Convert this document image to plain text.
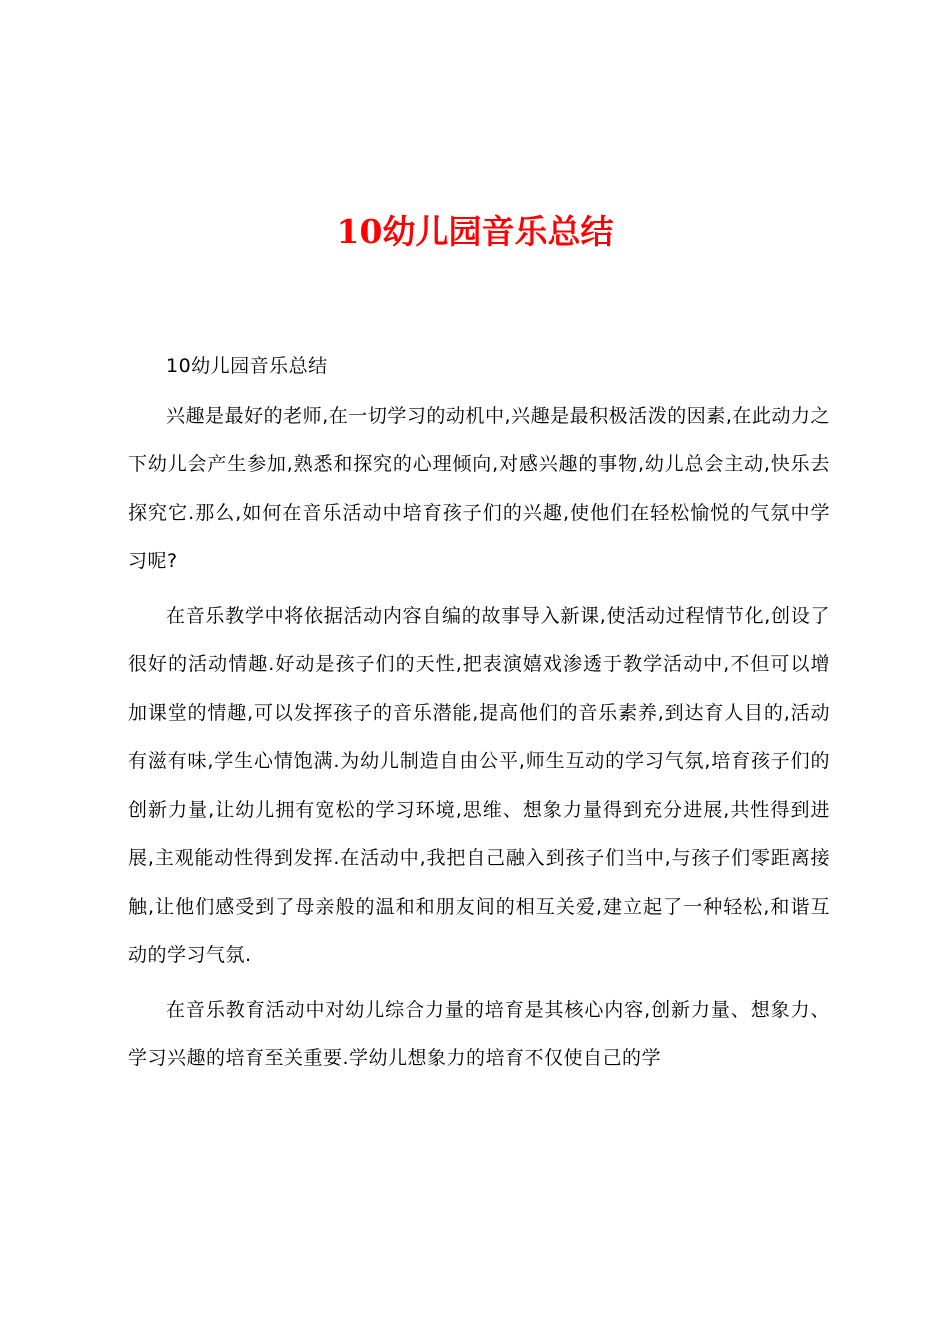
10幼儿园音乐总结

10幼儿园音乐总结

兴趣是最好的老师,在一切学习的动机中,兴趣是最积极活泼的因素,在此动力之下幼儿会产生参加,熟悉和探究的心理倾向,对感兴趣的事物,幼儿总会主动,快乐去探究它.那么,如何在音乐活动中培育孩子们的兴趣,使他们在轻松愉悦的气氛中学习呢?

在音乐教学中将依据活动内容自编的故事导入新课,使活动过程情节化,创设了很好的活动情趣.好动是孩子们的天性,把表演嬉戏渗透于教学活动中,不但可以增加课堂的情趣,可以发挥孩子的音乐潜能,提高他们的音乐素养,到达育人目的,活动有滋有味,学生心情饱满.为幼儿制造自由公平,师生互动的学习气氛,培育孩子们的创新力量,让幼儿拥有宽松的学习环境,思维、想象力量得到充分进展,共性得到进展,主观能动性得到发挥.在活动中,我把自己融入到孩子们当中,与孩子们零距离接触,让他们感受到了母亲般的温和和朋友间的相互关爱,建立起了一种轻松,和谐互动的学习气氛.

在音乐教育活动中对幼儿综合力量的培育是其核心内容,创新力量、想象力、学习兴趣的培育至关重要.学幼儿想象力的培育不仅使自己的学
